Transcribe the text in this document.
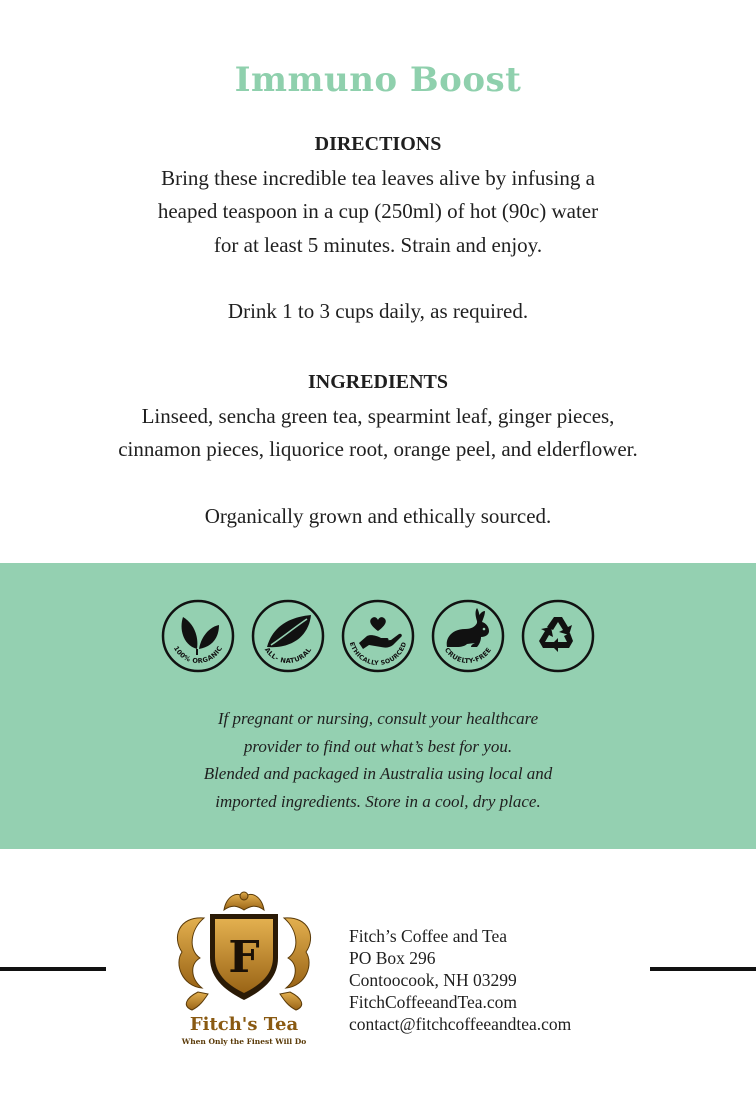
Immuno Boost
DIRECTIONS
Bring these incredible tea leaves alive by infusing a
heaped teaspoon in a cup (250ml) of hot (90c) water
for at least 5 minutes. Strain and enjoy.
Drink 1 to 3 cups daily, as required.
INGREDIENTS
Linseed, sencha green tea, spearmint leaf, ginger pieces,
cinnamon pieces, liquorice root, orange peel, and elderflower.
Organically grown and ethically sourced.
100% ORGANIC	ALL- NATURAL
ETHICALLY SOURCED
CRUELTY-FREE
If pregnant or nursing, consult your healthcare
provider to find out what’s best for you.
Blended and packaged in Australia using local and
imported ingredients. Store in a cool, dry place.
F
Fitch's Tea
When Only the Finest Will Do
Fitch’s Coffee and Tea
PO Box 296
Contoocook, NH 03299
FitchCoffeeandTea.com
contact@fitchcoffeeandtea.com
